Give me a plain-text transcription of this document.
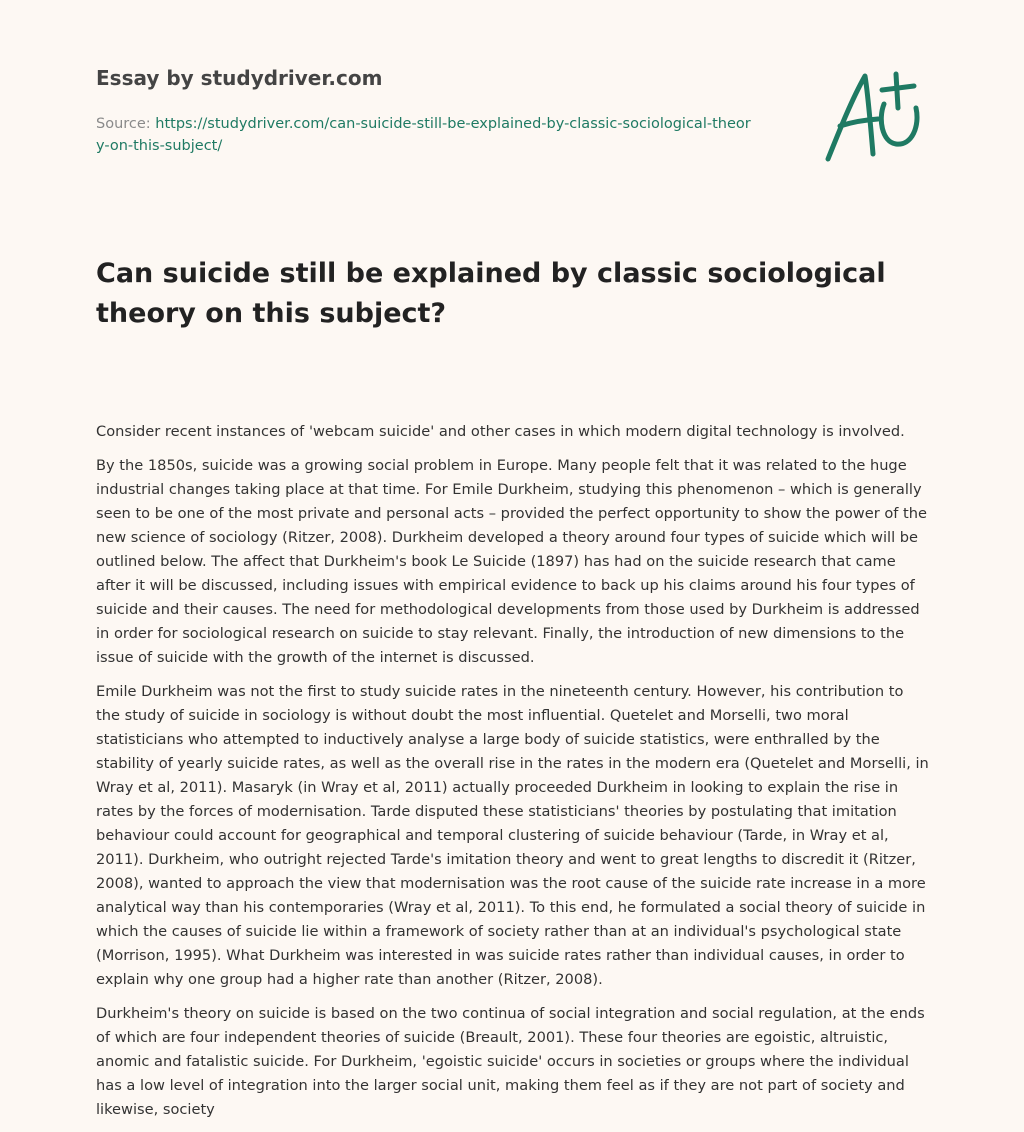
Essay by studydriver.com
Source: https://studydriver.com/can-suicide-still-be-explained-by-classic-sociological-theory-on-this-subject/
Can suicide still be explained by classic sociological theory on this subject?

Consider recent instances of 'webcam suicide' and other cases in which modern digital technology is involved.

By the 1850s, suicide was a growing social problem in Europe. Many people felt that it was related to the huge industrial changes taking place at that time. For Emile Durkheim, studying this phenomenon – which is generally seen to be one of the most private and personal acts – provided the perfect opportunity to show the power of the new science of sociology (Ritzer, 2008). Durkheim developed a theory around four types of suicide which will be outlined below. The affect that Durkheim's book Le Suicide (1897) has had on the suicide research that came after it will be discussed, including issues with empirical evidence to back up his claims around his four types of suicide and their causes. The need for methodological developments from those used by Durkheim is addressed in order for sociological research on suicide to stay relevant. Finally, the introduction of new dimensions to the issue of suicide with the growth of the internet is discussed.

Emile Durkheim was not the first to study suicide rates in the nineteenth century. However, his contribution to the study of suicide in sociology is without doubt the most influential. Quetelet and Morselli, two moral statisticians who attempted to inductively analyse a large body of suicide statistics, were enthralled by the stability of yearly suicide rates, as well as the overall rise in the rates in the modern era (Quetelet and Morselli, in Wray et al, 2011). Masaryk (in Wray et al, 2011) actually proceeded Durkheim in looking to explain the rise in rates by the forces of modernisation. Tarde disputed these statisticians' theories by postulating that imitation behaviour could account for geographical and temporal clustering of suicide behaviour (Tarde, in Wray et al, 2011). Durkheim, who outright rejected Tarde's imitation theory and went to great lengths to discredit it (Ritzer, 2008), wanted to approach the view that modernisation was the root cause of the suicide rate increase in a more analytical way than his contemporaries (Wray et al, 2011). To this end, he formulated a social theory of suicide in which the causes of suicide lie within a framework of society rather than at an individual's psychological state (Morrison, 1995). What Durkheim was interested in was suicide rates rather than individual causes, in order to explain why one group had a higher rate than another (Ritzer, 2008).

Durkheim's theory on suicide is based on the two continua of social integration and social regulation, at the ends of which are four independent theories of suicide (Breault, 2001). These four theories are egoistic, altruistic, anomic and fatalistic suicide. For Durkheim, 'egoistic suicide' occurs in societies or groups where the individual has a low level of integration into the larger social unit, making them feel as if they are not part of society and likewise, society
